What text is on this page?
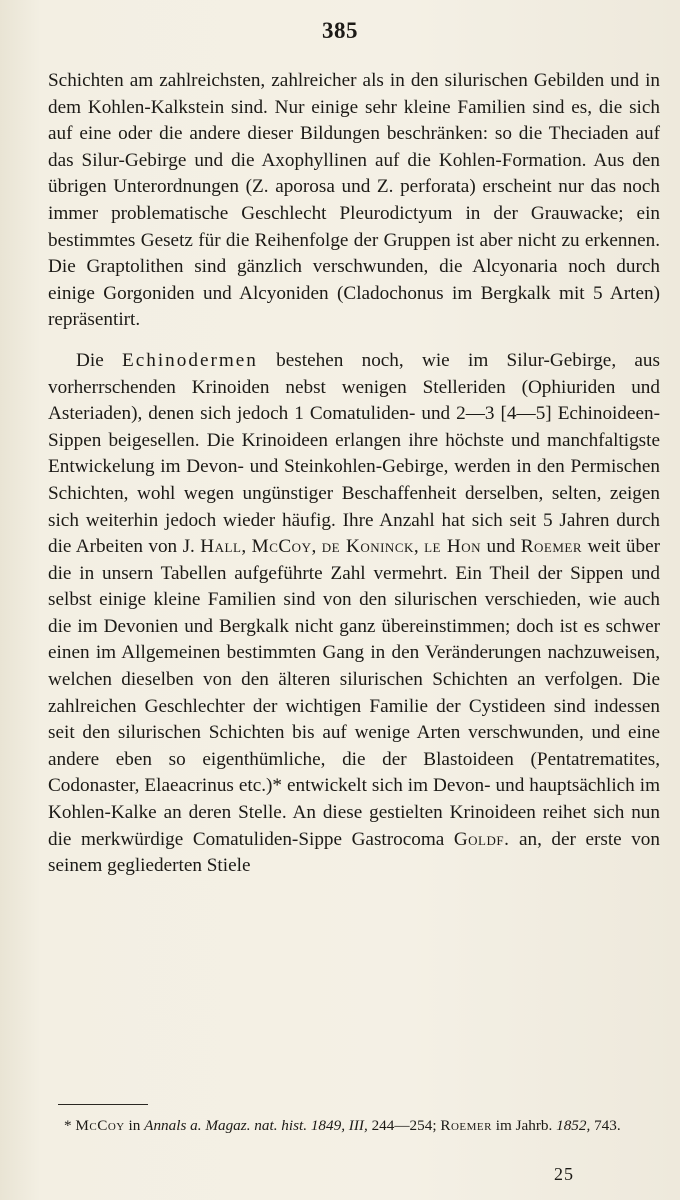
385

Schichten am zahlreichsten, zahlreicher als in den silurischen Gebilden und in dem Kohlen-Kalkstein sind. Nur einige sehr kleine Familien sind es, die sich auf eine oder die andere dieser Bildungen beschränken: so die Theciaden auf das Silur-Gebirge und die Axophyllinen auf die Kohlen-Formation. Aus den übrigen Unterordnungen (Z. aporosa und Z. perforata) erscheint nur das noch immer problematische Geschlecht Pleurodictyum in der Grauwacke; ein bestimmtes Gesetz für die Reihenfolge der Gruppen ist aber nicht zu erkennen. Die Graptolithen sind gänzlich verschwunden, die Alcyonaria noch durch einige Gorgoniden und Alcyoniden (Cladochonus im Bergkalk mit 5 Arten) repräsentirt.

Die Echinodermen bestehen noch, wie im Silur-Gebirge, aus vorherrschenden Krinoiden nebst wenigen Stelleriden (Ophiuriden und Asteriaden), denen sich jedoch 1 Comatuliden- und 2—3 [4—5] Echinoideen-Sippen beigesellen. Die Krinoideen erlangen ihre höchste und manchfaltigste Entwickelung im Devon- und Steinkohlen-Gebirge, werden in den Permischen Schichten, wohl wegen ungünstiger Beschaffenheit derselben, selten, zeigen sich weiterhin jedoch wieder häufig. Ihre Anzahl hat sich seit 5 Jahren durch die Arbeiten von J. Hall, McCoy, de Koninck, le Hon und Roemer weit über die in unsern Tabellen aufgeführte Zahl vermehrt. Ein Theil der Sippen und selbst einige kleine Familien sind von den silurischen verschieden, wie auch die im Devonien und Bergkalk nicht ganz übereinstimmen; doch ist es schwer einen im Allgemeinen bestimmten Gang in den Veränderungen nachzuweisen, welchen dieselben von den älteren silurischen Schichten an verfolgen. Die zahlreichen Geschlechter der wichtigen Familie der Cystideen sind indessen seit den silurischen Schichten bis auf wenige Arten verschwunden, und eine andere eben so eigenthümliche, die der Blastoideen (Pentatrematites, Codonaster, Elaeacrinus etc.)* entwickelt sich im Devon- und hauptsächlich im Kohlen-Kalke an deren Stelle. An diese gestielten Krinoideen reihet sich nun die merkwürdige Comatuliden-Sippe Gastrocoma Goldf. an, der erste von seinem gegliederten Stiele

* McCoy in Annals a. Magaz. nat. hist. 1849, III, 244—254; Roemer im Jahrb. 1852, 743.

25
